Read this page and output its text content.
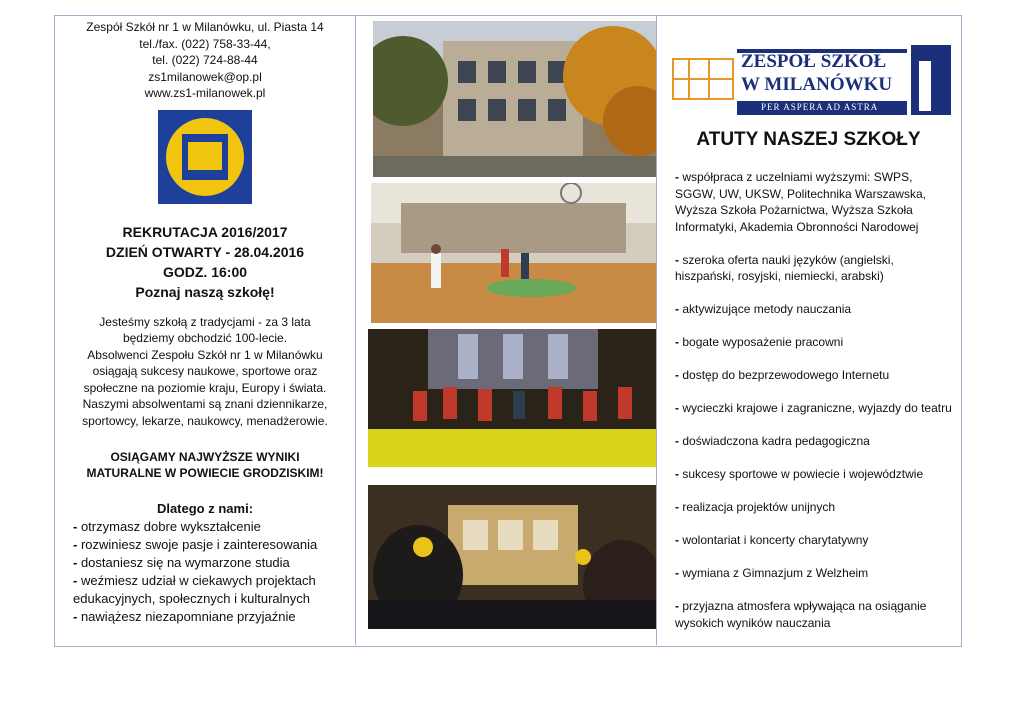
Zespół Szkół nr 1 w Milanówku, ul. Piasta 14

tel./fax. (022) 758-33-44,

tel. (022) 724-88-44

zs1milanowek@op.pl

www.zs1-milanowek.pl

REKRUTACJA 2016/2017
DZIEŃ OTWARTY - 28.04.2016
GODZ. 16:00
Poznaj naszą szkołę!
Jesteśmy szkołą z tradycjami - za 3 lata
będziemy obchodzić 100-lecie.
Absolwenci Zespołu Szkół nr 1 w Milanówku
osiągają sukcesy naukowe, sportowe oraz
społeczne na poziomie kraju, Europy i świata.
Naszymi absolwentami są znani dziennikarze,
sportowcy, lekarze, naukowcy, menadżerowie.
OSIĄGAMY NAJWYŻSZE WYNIKI
MATURALNE W POWIECIE GRODZISKIM!
Dlatego z nami:
- otrzymasz dobre wykształcenie
- rozwiniesz swoje pasje i zainteresowania
- dostaniesz się na wymarzone studia
- weźmiesz udział w ciekawych projektach edukacyjnych, społecznych i kulturalnych
- nawiążesz niezapomniane przyjaźnie
ZESPÓŁ SZKÓŁ
W MILANÓWKU
PER ASPERA AD ASTRA
1
ATUTY NASZEJ SZKOŁY
- współpraca z uczelniami wyższymi: SWPS, SGGW, UW, UKSW, Politechnika Warszawska, Wyższa Szkoła Pożarnictwa, Wyższa Szkoła Informatyki, Akademia Obronności Narodowej
- szeroka oferta nauki języków (angielski, hiszpański, rosyjski, niemiecki, arabski)
- aktywizujące metody nauczania
- bogate wyposażenie pracowni
- dostęp do bezprzewodowego Internetu
- wycieczki krajowe i zagraniczne, wyjazdy do teatru
- doświadczona kadra pedagogiczna
- sukcesy sportowe w powiecie i województwie
- realizacja projektów unijnych
- wolontariat i koncerty charytatywny
- wymiana z Gimnazjum z Welzheim
- przyjazna atmosfera wpływająca na osiąganie wysokich wyników nauczania
